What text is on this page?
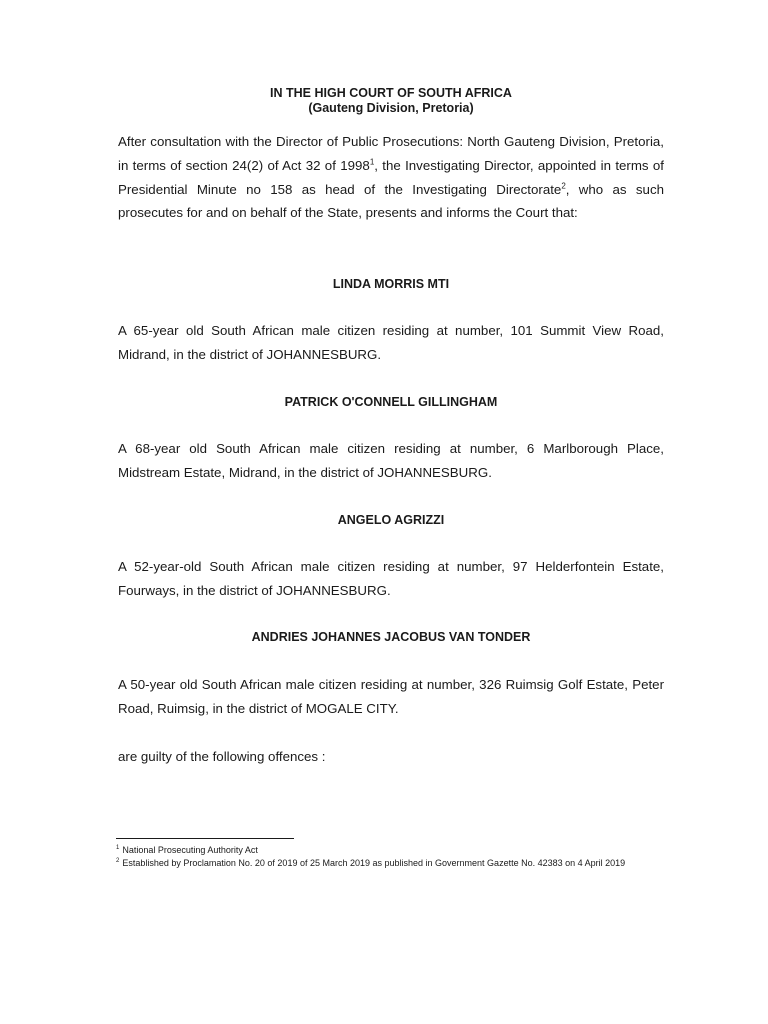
IN THE HIGH COURT OF SOUTH AFRICA
(Gauteng Division, Pretoria)
After consultation with the Director of Public Prosecutions: North Gauteng Division, Pretoria, in terms of section 24(2) of Act 32 of 1998$^1$, the Investigating Director, appointed in terms of Presidential Minute no 158 as head of the Investigating Directorate$^2$, who as such prosecutes for and on behalf of the State, presents and informs the Court that:
LINDA MORRIS MTI
A 65-year old South African male citizen residing at number, 101 Summit View Road, Midrand, in the district of JOHANNESBURG.
PATRICK O'CONNELL GILLINGHAM
A 68-year old South African male citizen residing at number, 6 Marlborough Place, Midstream Estate, Midrand, in the district of JOHANNESBURG.
ANGELO AGRIZZI
A 52-year-old South African male citizen residing at number, 97 Helderfontein Estate, Fourways, in the district of JOHANNESBURG.
ANDRIES JOHANNES JACOBUS VAN TONDER
A 50-year old South African male citizen residing at number, 326 Ruimsig Golf Estate, Peter Road, Ruimsig, in the district of MOGALE CITY.
are guilty of the following offences :
$^1$ National Prosecuting Authority Act
$^2$ Established by Proclamation No. 20 of 2019 of 25 March 2019 as published in Government Gazette No. 42383 on 4 April 2019
